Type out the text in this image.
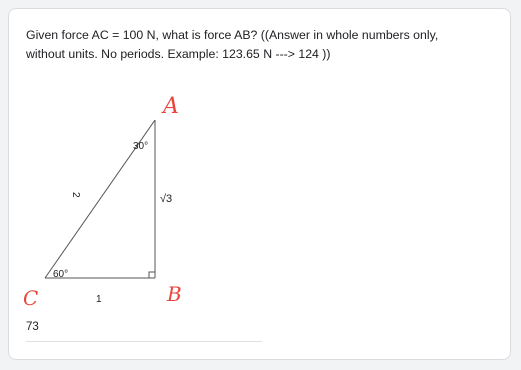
Given force AC = 100 N, what is force AB? ((Answer in whole numbers only,
without units. No periods. Example: 123.65 N ---> 124 ))

30°
60°
2	√3
1
A
B
C
73
